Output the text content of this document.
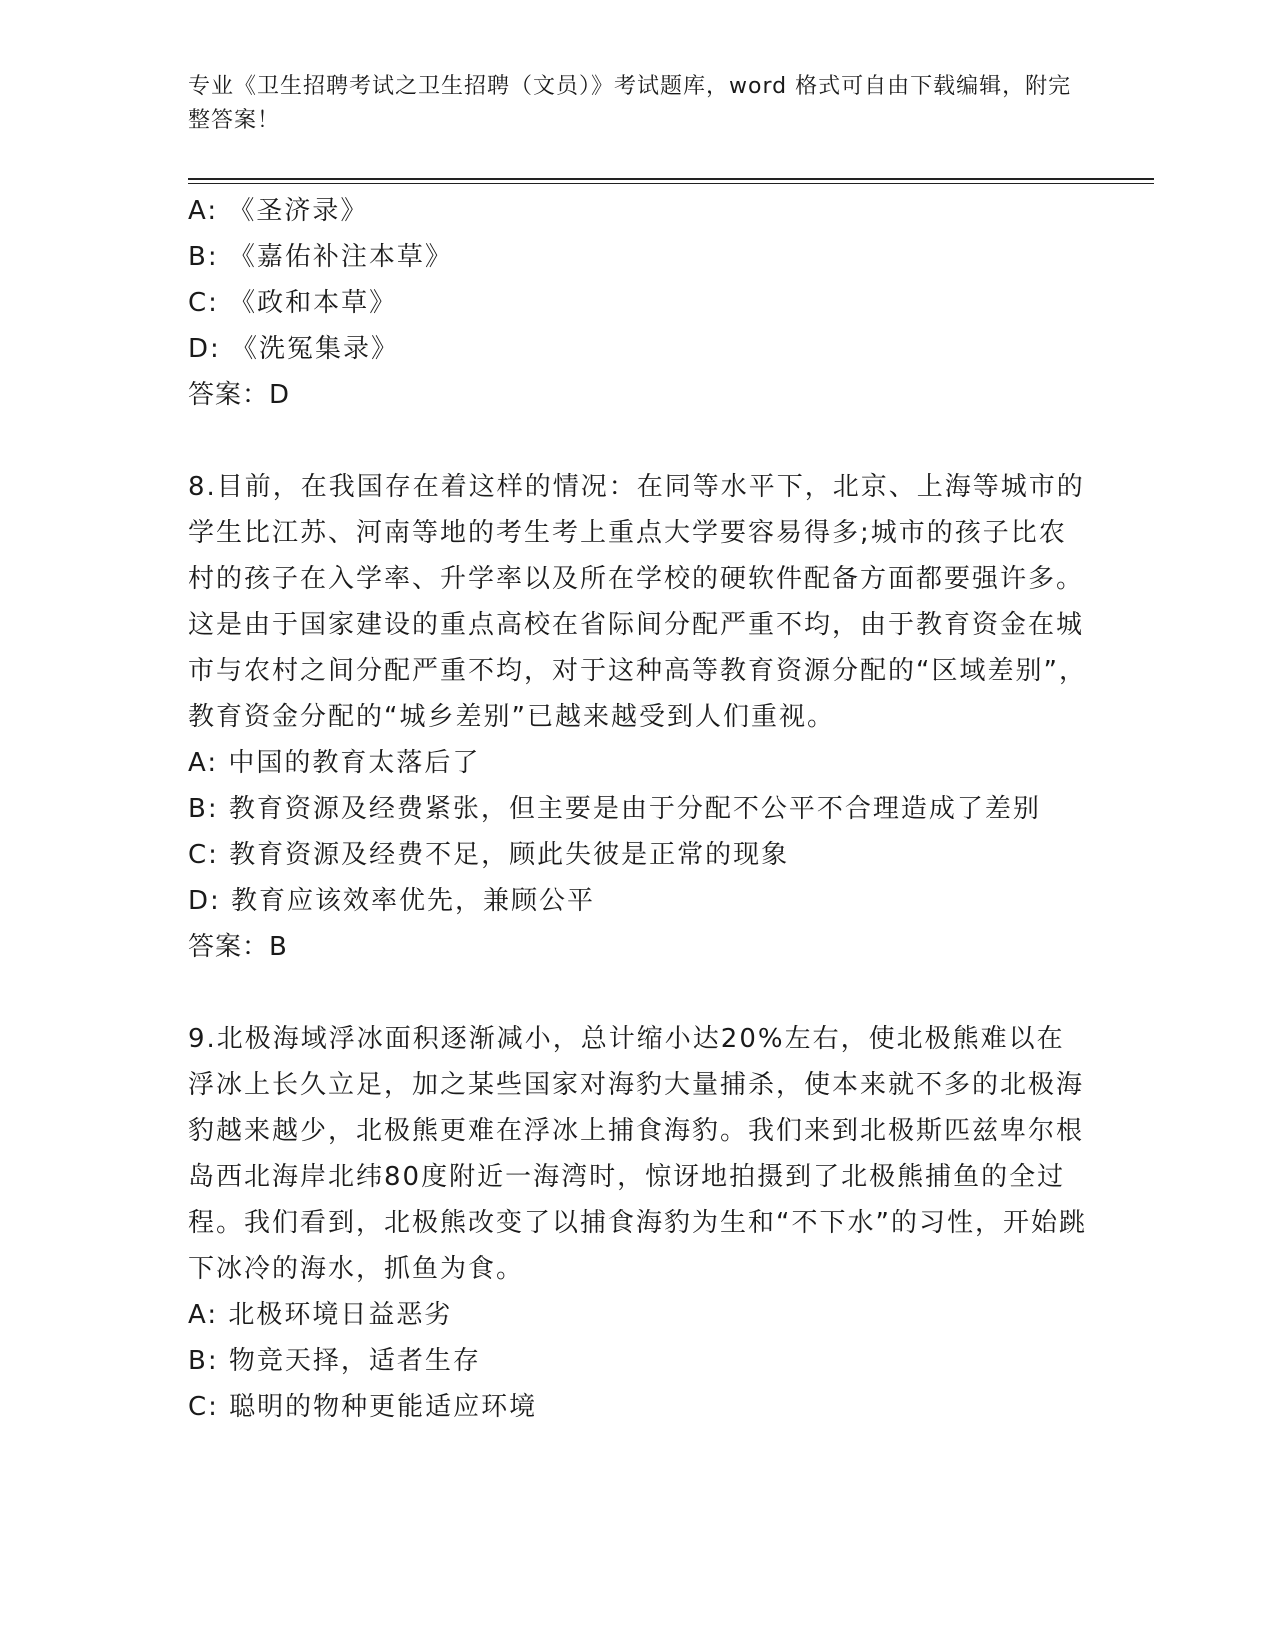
专业《卫生招聘考试之卫生招聘（文员）》考试题库，word 格式可自由下载编辑，附完整答案！
A: 《圣济录》
B: 《嘉佑补注本草》
C: 《政和本草》
D: 《洗冤集录》
答案：D
8.目前，在我国存在着这样的情况：在同等水平下，北京、上海等城市的学生比江苏、河南等地的考生考上重点大学要容易得多;城市的孩子比农村的孩子在入学率、升学率以及所在学校的硬软件配备方面都要强许多。这是由于国家建设的重点高校在省际间分配严重不均，由于教育资金在城市与农村之间分配严重不均，对于这种高等教育资源分配的“区域差别”，教育资金分配的“城乡差别”已越来越受到人们重视。
A: 中国的教育太落后了
B: 教育资源及经费紧张，但主要是由于分配不公平不合理造成了差别
C: 教育资源及经费不足，顾此失彼是正常的现象
D: 教育应该效率优先，兼顾公平
答案：B
9.北极海域浮冰面积逐渐减小，总计缩小达20%左右，使北极熊难以在浮冰上长久立足，加之某些国家对海豹大量捕杀，使本来就不多的北极海豹越来越少，北极熊更难在浮冰上捕食海豹。我们来到北极斯匹兹卑尔根岛西北海岸北纬80度附近一海湾时，惊讶地拍摄到了北极熊捕鱼的全过程。我们看到，北极熊改变了以捕食海豹为生和“不下水”的习性，开始跳下冰冷的海水，抓鱼为食。
A: 北极环境日益恶劣
B: 物竞天择，适者生存
C: 聪明的物种更能适应环境
